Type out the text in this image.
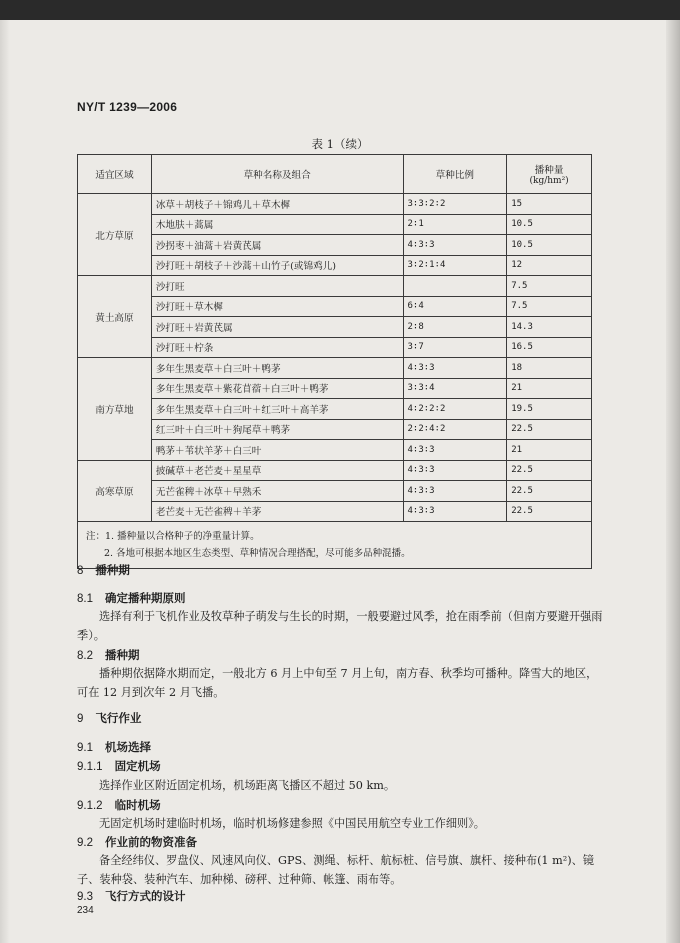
NY/T 1239—2006
表 1（续）
适宜区域	草种名称及组合	草种比例	播种量
(kg/hm²)

北方草原	冰草＋胡枝子＋锦鸡儿＋草木樨	3∶3∶2∶2	15
	木地肤＋蒿属	2∶1	10.5
	沙拐枣＋油蒿＋岩黄芪属	4∶3∶3	10.5
	沙打旺＋胡枝子＋沙蒿＋山竹子(或锦鸡儿)	3∶2∶1∶4	12
黄土高原	沙打旺		7.5
	沙打旺＋草木樨	6∶4	7.5
	沙打旺＋岩黄芪属	2∶8	14.3
	沙打旺＋柠条	3∶7	16.5
南方草地	多年生黑麦草＋白三叶＋鸭茅	4∶3∶3	18
	多年生黑麦草＋紫花苜蓿＋白三叶＋鸭茅	3∶3∶4	21
	多年生黑麦草＋白三叶＋红三叶＋高羊茅	4∶2∶2∶2	19.5
	红三叶＋白三叶＋狗尾草＋鸭茅	2∶2∶4∶2	22.5
	鸭茅＋苇状羊茅＋白三叶	4∶3∶3	21
高寒草原	披碱草＋老芒麦＋星星草	4∶3∶3	22.5
	无芒雀稗＋冰草＋早熟禾	4∶3∶3	22.5
	老芒麦＋无芒雀稗＋羊茅	4∶3∶3	22.5

注：1. 播种量以合格种子的净重量计算。
2. 各地可根据本地区生态类型、草种情况合理搭配，尽可能多品种混播。			
8 播种期
8.1 确定播种期原则
选择有利于飞机作业及牧草种子萌发与生长的时期，一般要避过风季，抢在雨季前（但南方要避开强雨季）。
8.2 播种期
播种期依据降水期而定，一般北方 6 月上中旬至 7 月上旬，南方春、秋季均可播种。降雪大的地区，可在 12 月到次年 2 月飞播。
9 飞行作业
9.1 机场选择
9.1.1 固定机场
选择作业区附近固定机场，机场距离飞播区不超过 50 km。
9.1.2 临时机场
无固定机场时建临时机场，临时机场修建参照《中国民用航空专业工作细则》。
9.2 作业前的物资准备
备全经纬仪、罗盘仪、风速风向仪、GPS、测绳、标杆、航标桩、信号旗、旗杆、接种布(1 m²)、镜子、装种袋、装种汽车、加种梯、磅秤、过种筛、帐篷、雨布等。
9.3 飞行方式的设计
234
